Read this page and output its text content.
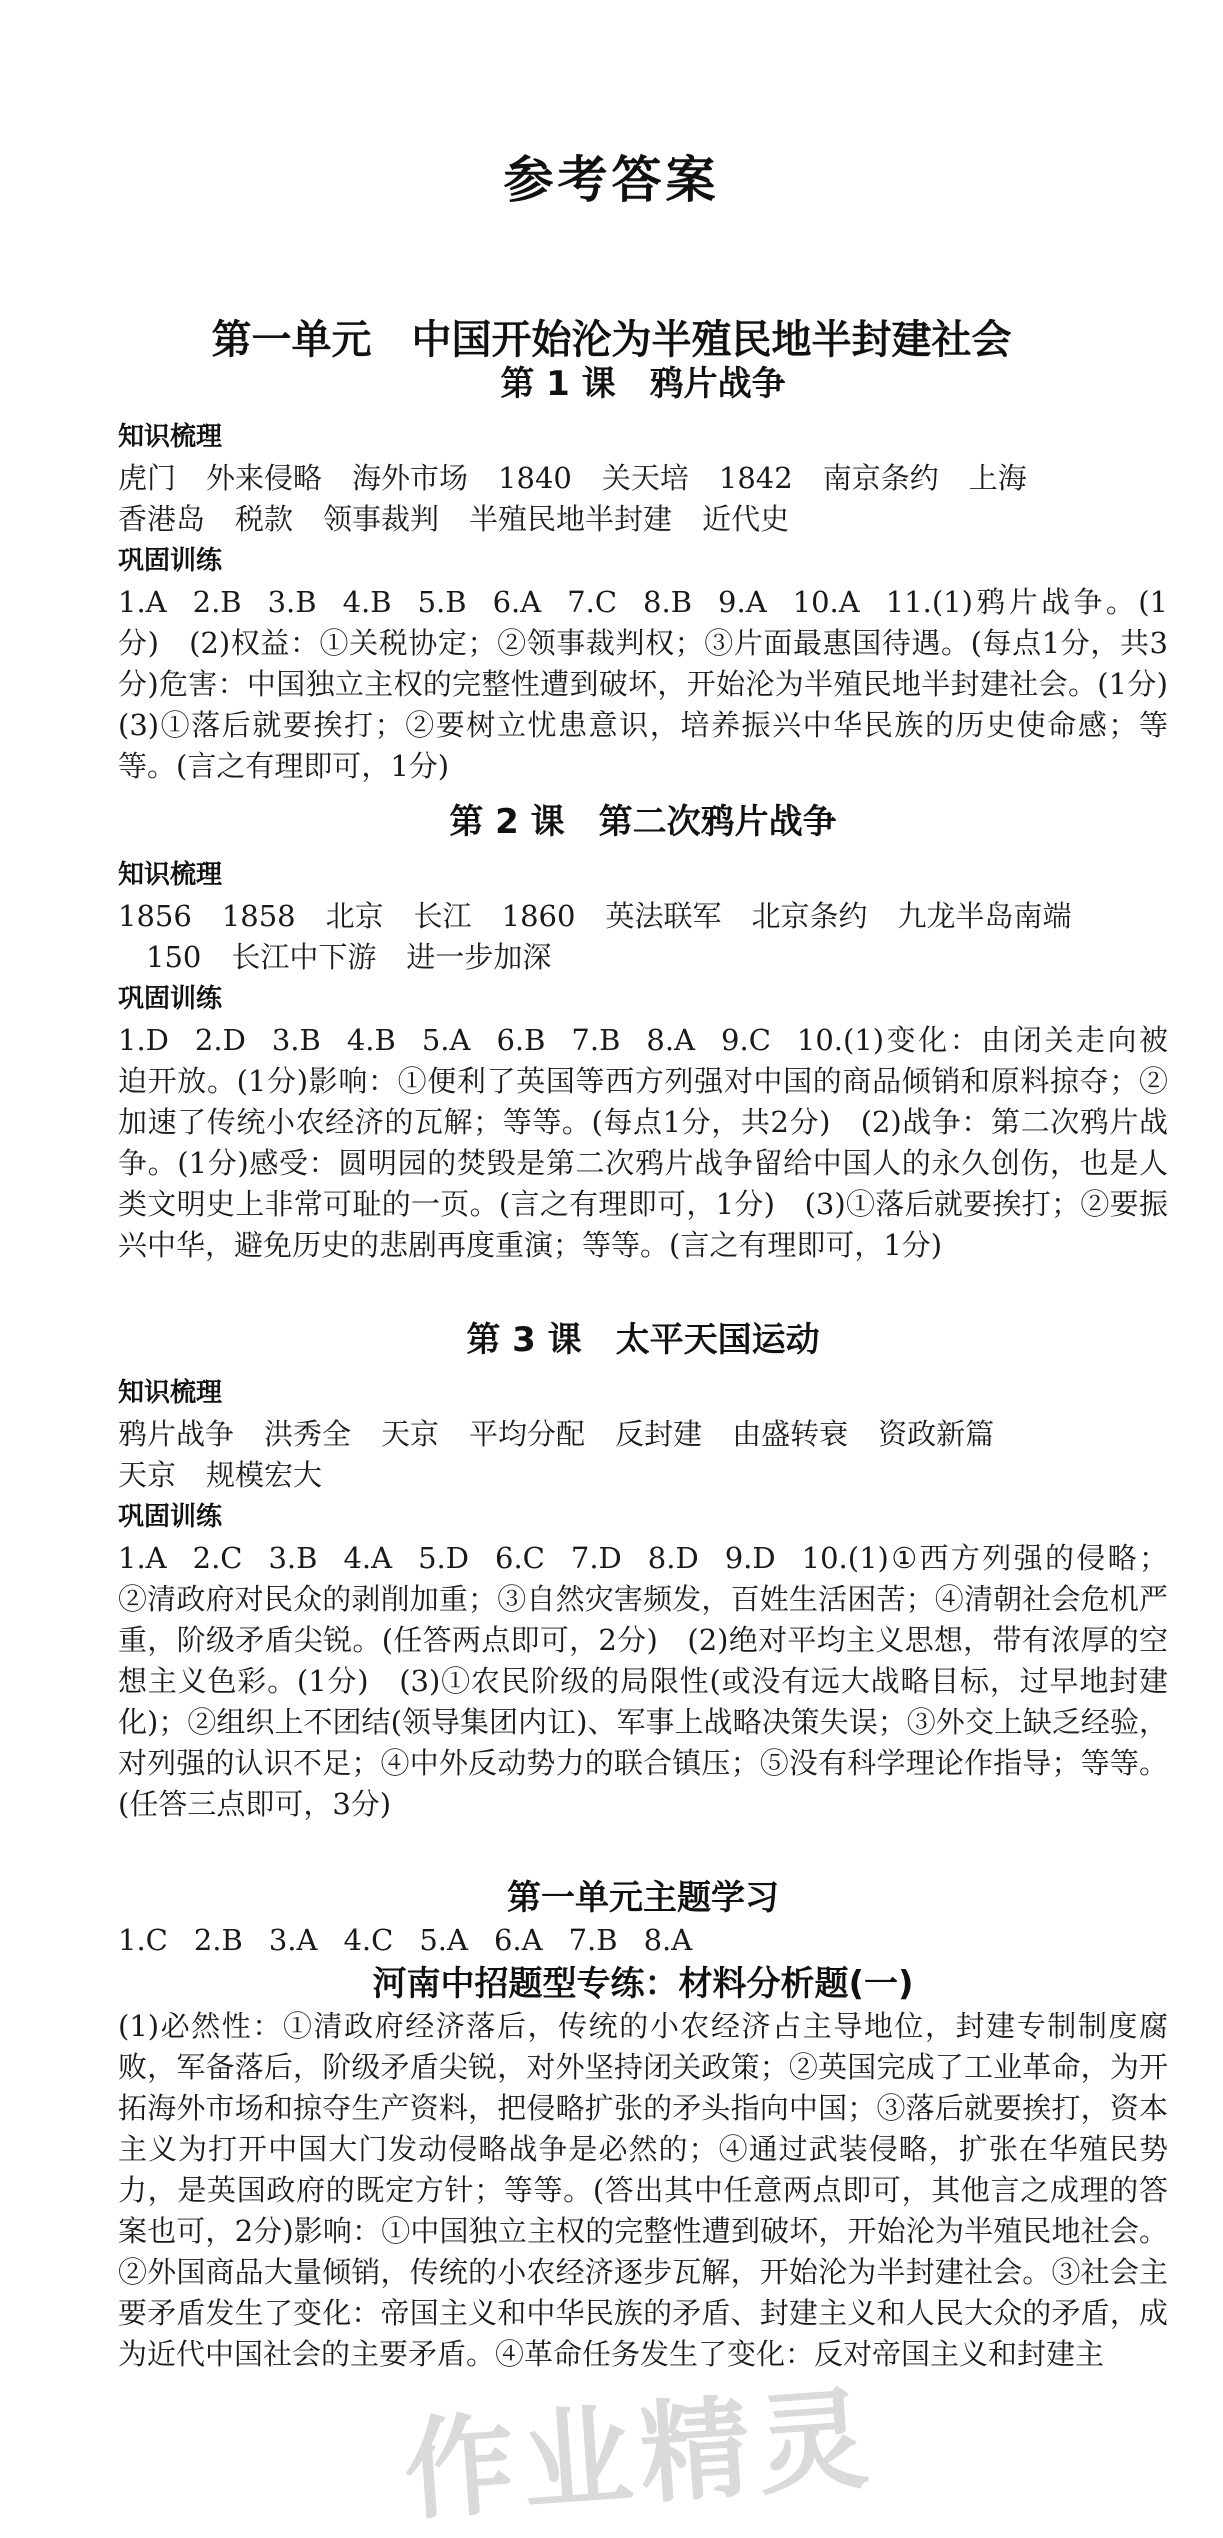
参考答案
第一单元　中国开始沦为半殖民地半封建社会

第 1 课　鸦片战争

知识梳理

虎门 外来侵略 海外市场 1840 关天培 1842 南京条约 上海

香港岛 税款 领事裁判 半殖民地半封建 近代史

巩固训练

1.A 2.B 3.B 4.B 5.B 6.A 7.C 8.B 9.A 10.A 11.(1)鸦片战争。(1分)　(2)权益：①关税协定；②领事裁判权；③片面最惠国待遇。(每点1分，共3分)危害：中国独立主权的完整性遭到破坏，开始沦为半殖民地半封建社会。(1分)　(3)①落后就要挨打；②要树立忧患意识，培养振兴中华民族的历史使命感；等等。(言之有理即可，1分)

第 2 课　第二次鸦片战争

知识梳理

1856 1858 北京 长江 1860 英法联军 北京条约 九龙半岛南端

150 长江中下游 进一步加深

巩固训练

1.D 2.D 3.B 4.B 5.A 6.B 7.B 8.A 9.C 10.(1)变化：由闭关走向被迫开放。(1分)影响：①便利了英国等西方列强对中国的商品倾销和原料掠夺；②加速了传统小农经济的瓦解；等等。(每点1分，共2分)　(2)战争：第二次鸦片战争。(1分)感受：圆明园的焚毁是第二次鸦片战争留给中国人的永久创伤，也是人类文明史上非常可耻的一页。(言之有理即可，1分)　(3)①落后就要挨打；②要振兴中华，避免历史的悲剧再度重演；等等。(言之有理即可，1分)

第 3 课　太平天国运动

知识梳理

鸦片战争 洪秀全 天京 平均分配 反封建 由盛转衰 资政新篇

天京 规模宏大

巩固训练

1.A 2.C 3.B 4.A 5.D 6.C 7.D 8.D 9.D 10.(1)①西方列强的侵略；②清政府对民众的剥削加重；③自然灾害频发，百姓生活困苦；④清朝社会危机严重，阶级矛盾尖锐。(任答两点即可，2分)　(2)绝对平均主义思想，带有浓厚的空想主义色彩。(1分)　(3)①农民阶级的局限性(或没有远大战略目标，过早地封建化)；②组织上不团结(领导集团内讧)、军事上战略决策失误；③外交上缺乏经验，对列强的认识不足；④中外反动势力的联合镇压；⑤没有科学理论作指导；等等。(任答三点即可，3分)

第一单元主题学习

1.C 2.B 3.A 4.C 5.A 6.A 7.B 8.A

河南中招题型专练：材料分析题(一)

(1)必然性：①清政府经济落后，传统的小农经济占主导地位，封建专制制度腐败，军备落后，阶级矛盾尖锐，对外坚持闭关政策；②英国完成了工业革命，为开拓海外市场和掠夺生产资料，把侵略扩张的矛头指向中国；③落后就要挨打，资本主义为打开中国大门发动侵略战争是必然的；④通过武装侵略，扩张在华殖民势力，是英国政府的既定方针；等等。(答出其中任意两点即可，其他言之成理的答案也可，2分)影响：①中国独立主权的完整性遭到破坏，开始沦为半殖民地社会。②外国商品大量倾销，传统的小农经济逐步瓦解，开始沦为半封建社会。③社会主要矛盾发生了变化：帝国主义和中华民族的矛盾、封建主义和人民大众的矛盾，成为近代中国社会的主要矛盾。④革命任务发生了变化：反对帝国主义和封建主

作业精灵
